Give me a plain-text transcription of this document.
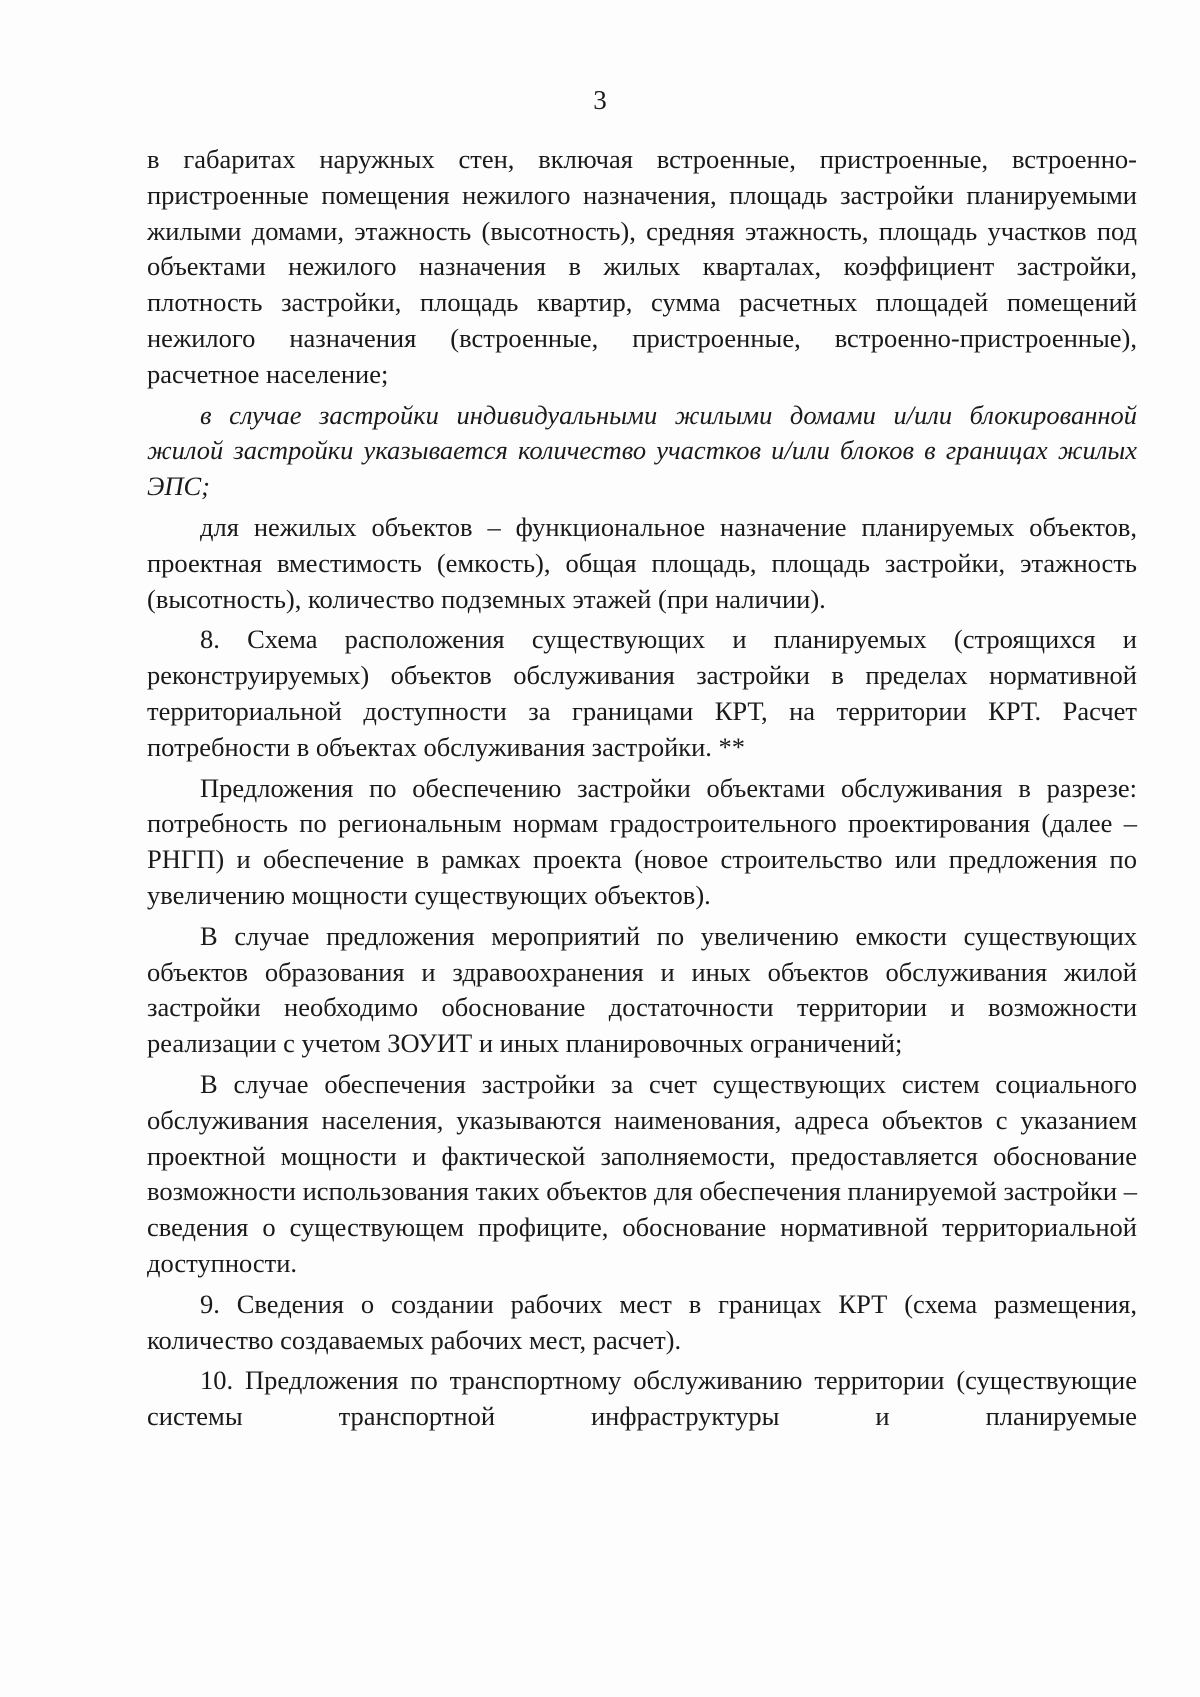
3

в габаритах наружных стен, включая встроенные, пристроенные, встроенно-пристроенные помещения нежилого назначения, площадь застройки планируемыми жилыми домами, этажность (высотность), средняя этажность, площадь участков под объектами нежилого назначения в жилых кварталах, коэффициент застройки, плотность застройки, площадь квартир, сумма расчетных площадей помещений нежилого назначения (встроенные, пристроенные, встроенно-пристроенные), расчетное население;

в случае застройки индивидуальными жилыми домами и/или блокированной жилой застройки указывается количество участков и/или блоков в границах жилых ЭПС;

для нежилых объектов – функциональное назначение планируемых объектов, проектная вместимость (емкость), общая площадь, площадь застройки, этажность (высотность), количество подземных этажей (при наличии).

8. Схема расположения существующих и планируемых (строящихся и реконструируемых) объектов обслуживания застройки в пределах нормативной территориальной доступности за границами КРТ, на территории КРТ. Расчет потребности в объектах обслуживания застройки. **

Предложения по обеспечению застройки объектами обслуживания в разрезе: потребность по региональным нормам градостроительного проектирования (далее – РНГП) и обеспечение в рамках проекта (новое строительство или предложения по увеличению мощности существующих объектов).

В случае предложения мероприятий по увеличению емкости существующих объектов образования и здравоохранения и иных объектов обслуживания жилой застройки необходимо обоснование достаточности территории и возможности реализации с учетом ЗОУИТ и иных планировочных ограничений;

В случае обеспечения застройки за счет существующих систем социального обслуживания населения, указываются наименования, адреса объектов с указанием проектной мощности и фактической заполняемости, предоставляется обоснование возможности использования таких объектов для обеспечения планируемой застройки – сведения о существующем профиците, обоснование нормативной территориальной доступности.

9. Сведения о создании рабочих мест в границах КРТ (схема размещения, количество создаваемых рабочих мест, расчет).

10. Предложения по транспортному обслуживанию территории (существующие системы транспортной инфраструктуры и планируемые
